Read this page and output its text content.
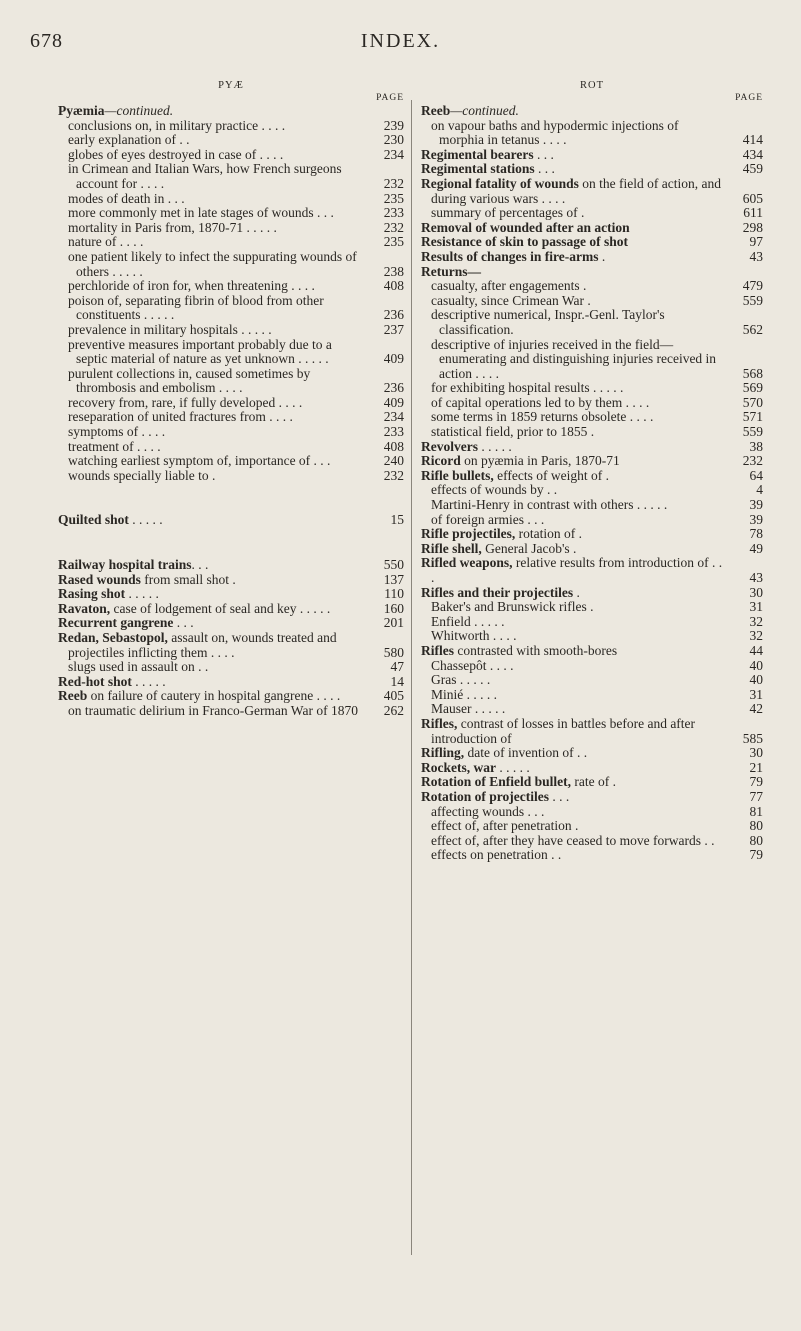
678	INDEX.
PYÆ
PAGE
Pyæmia—continued.
conclusions on, in military practice . . . .	239
early explanation of . .	230
globes of eyes destroyed in case of . . . .	234
in Crimean and Italian Wars, how French surgeons account for . . . .	232
modes of death in . . .	235
more commonly met in late stages of wounds . . .	233
mortality in Paris from, 1870-71 . . . . .	232
nature of . . . .	235
one patient likely to infect the suppurating wounds of others . . . . .	238
perchloride of iron for, when threatening . . . .	408
poison of, separating fibrin of blood from other constituents . . . . .	236
prevalence in military hospitals . . . . .	237
preventive measures important probably due to a septic material of nature as yet unknown . . . . .	409
purulent collections in, caused sometimes by thrombosis and embolism . . . .	236
recovery from, rare, if fully developed . . . .	409
reseparation of united fractures from . . . .	234
symptoms of . . . .	233
treatment of . . . .	408
watching earliest symptom of, importance of . . .	240
wounds specially liable to .	232
Quilted shot . . . . .	15
Railway hospital trains. . .	550
Rased wounds from small shot .	137
Rasing shot . . . . .	110
Ravaton, case of lodgement of seal and key . . . . .	160
Recurrent gangrene . . .	201
Redan, Sebastopol, assault on, wounds treated and projectiles inflicting them . . . .	580
slugs used in assault on . .	47
Red-hot shot . . . . .	14
Reeb on failure of cautery in hospital gangrene . . . .	405
on traumatic delirium in Franco-German War of 1870	262
ROT
PAGE
Reeb—continued.
on vapour baths and hypodermic injections of morphia in tetanus . . . .	414
Regimental bearers . . .	434
Regimental stations . . .	459
Regional fatality of wounds on the field of action, and during various wars . . . .	605
summary of percentages of .	611
Removal of wounded after an action	298
Resistance of skin to passage of shot	97
Results of changes in fire-arms .	43
Returns—
casualty, after engagements .	479
casualty, since Crimean War .	559
descriptive numerical, Inspr.-Genl. Taylor's classification.	562
descriptive of injuries received in the field— enumerating and distinguishing injuries received in action . . . .	568
for exhibiting hospital results . . . . .	569
of capital operations led to by them . . . .	570
some terms in 1859 returns obsolete . . . .	571
statistical field, prior to 1855 .	559
Revolvers . . . . .	38
Ricord on pyæmia in Paris, 1870-71	232
Rifle bullets, effects of weight of .	64
effects of wounds by . .	4
Martini-Henry in contrast with others . . . . .	39
of foreign armies . . .	39
Rifle projectiles, rotation of .	78
Rifle shell, General Jacob's .	49
Rifled weapons, relative results from introduction of . . .	43
Rifles and their projectiles .	30
Baker's and Brunswick rifles .	31
Enfield . . . . .	32
Whitworth . . . .	32
Rifles contrasted with smooth-bores	44
Chassepôt . . . .	40
Gras . . . . .	40
Minié . . . . .	31
Mauser . . . . .	42
Rifles, contrast of losses in battles before and after introduction of	585
Rifling, date of invention of . .	30
Rockets, war . . . . .	21
Rotation of Enfield bullet, rate of .	79
Rotation of projectiles . . .	77
affecting wounds . . .	81
effect of, after penetration .	80
effect of, after they have ceased to move forwards . .	80
effects on penetration . .	79
